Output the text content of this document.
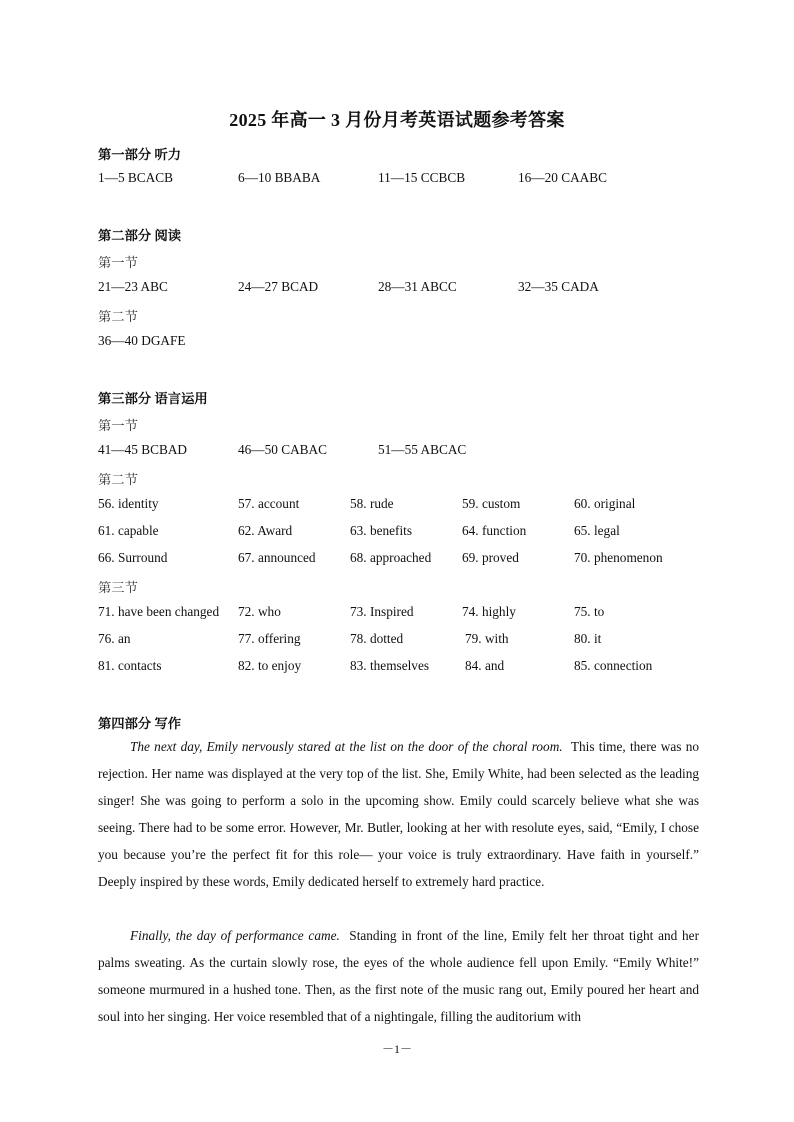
2025 年高一 3 月份月考英语试题参考答案
第一部分 听力
1—5 BCACB	6—10 BBABA	11—15 CCBCB	16—20 CAABC
第二部分 阅读
第一节
21—23 ABC	24—27 BCAD	28—31 ABCC	32—35 CADA
第二节
36—40 DGAFE
第三部分 语言运用
第一节
41—45 BCBAD	46—50 CABAC	51—55 ABCAC
第二节
56. identity	57. account	58. rude	59. custom	60. original
61. capable	62. Award	63. benefits	64. function	65. legal
66. Surround	67. announced	68. approached 69. proved	70. phenomenon
第三节
71. have been changed 72. who	73. Inspired	74. highly	75. to
76. an	77. offering	78. dotted	79. with	80. it
81. contacts	82. to enjoy	83. themselves	84. and	85. connection
第四部分 写作
The next day, Emily nervously stared at the list on the door of the choral room. This time, there was no rejection. Her name was displayed at the very top of the list. She, Emily White, had been selected as the leading singer! She was going to perform a solo in the upcoming show. Emily could scarcely believe what she was seeing. There had to be some error. However, Mr. Butler, looking at her with resolute eyes, said, “Emily, I chose you because you’re the perfect fit for this role— your voice is truly extraordinary. Have faith in yourself.” Deeply inspired by these words, Emily dedicated herself to extremely hard practice.
Finally, the day of performance came. Standing in front of the line, Emily felt her throat tight and her palms sweating. As the curtain slowly rose, the eyes of the whole audience fell upon Emily. “Emily White!” someone murmured in a hushed tone. Then, as the first note of the music rang out, Emily poured her heart and soul into her singing. Her voice resembled that of a nightingale, filling the auditorium with
－1－
